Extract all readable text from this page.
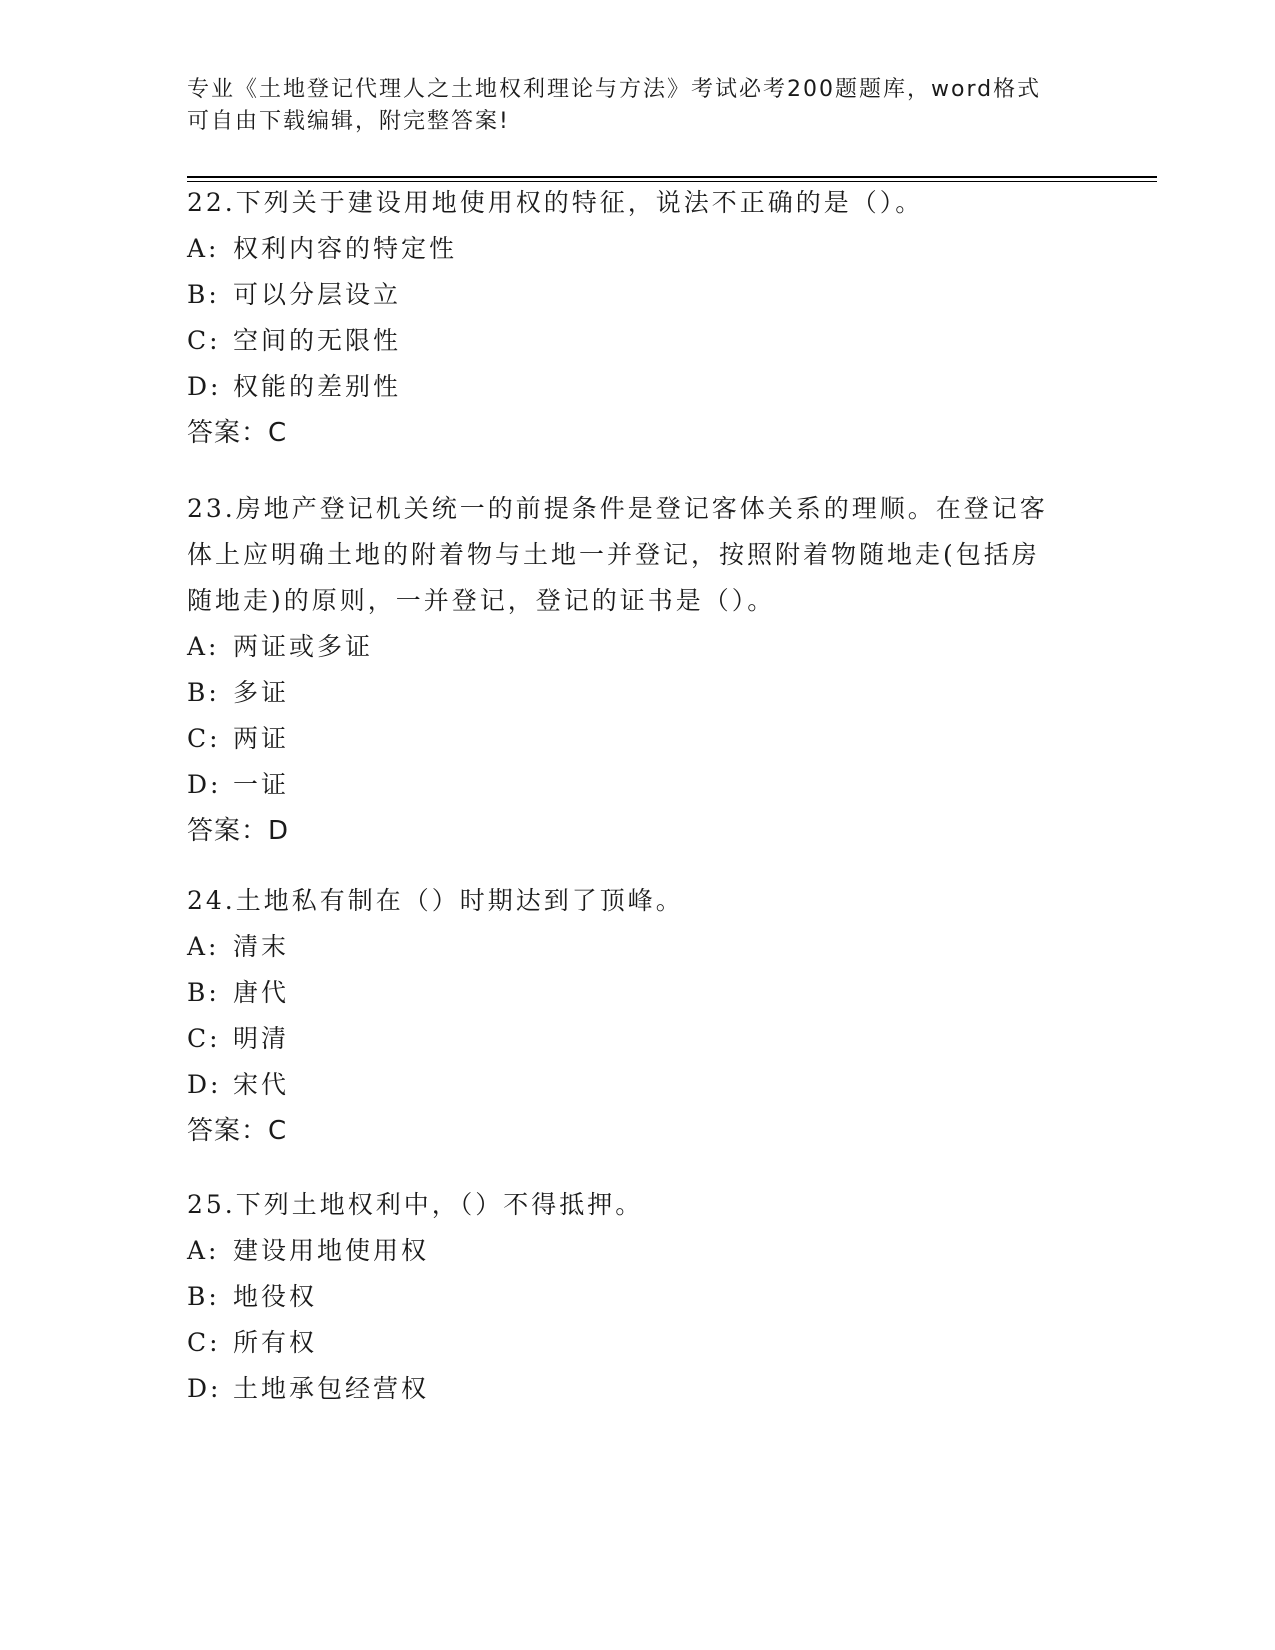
专业《土地登记代理人之土地权利理论与方法》考试必考200题题库，word格式
可自由下载编辑，附完整答案!

22.下列关于建设用地使用权的特征，说法不正确的是（）。

A: 权利内容的特定性
B: 可以分层设立
C: 空间的无限性
D: 权能的差别性

答案：C

23.房地产登记机关统一的前提条件是登记客体关系的理顺。在登记客

体上应明确土地的附着物与土地一并登记，按照附着物随地走(包括房

随地走)的原则，一并登记，登记的证书是（）。

A: 两证或多证
B: 多证
C: 两证
D: 一证

答案：D

24.土地私有制在（）时期达到了顶峰。

A: 清末
B: 唐代
C: 明清
D: 宋代

答案：C

25.下列土地权利中，（）不得抵押。

A: 建设用地使用权
B: 地役权
C: 所有权
D: 土地承包经营权
